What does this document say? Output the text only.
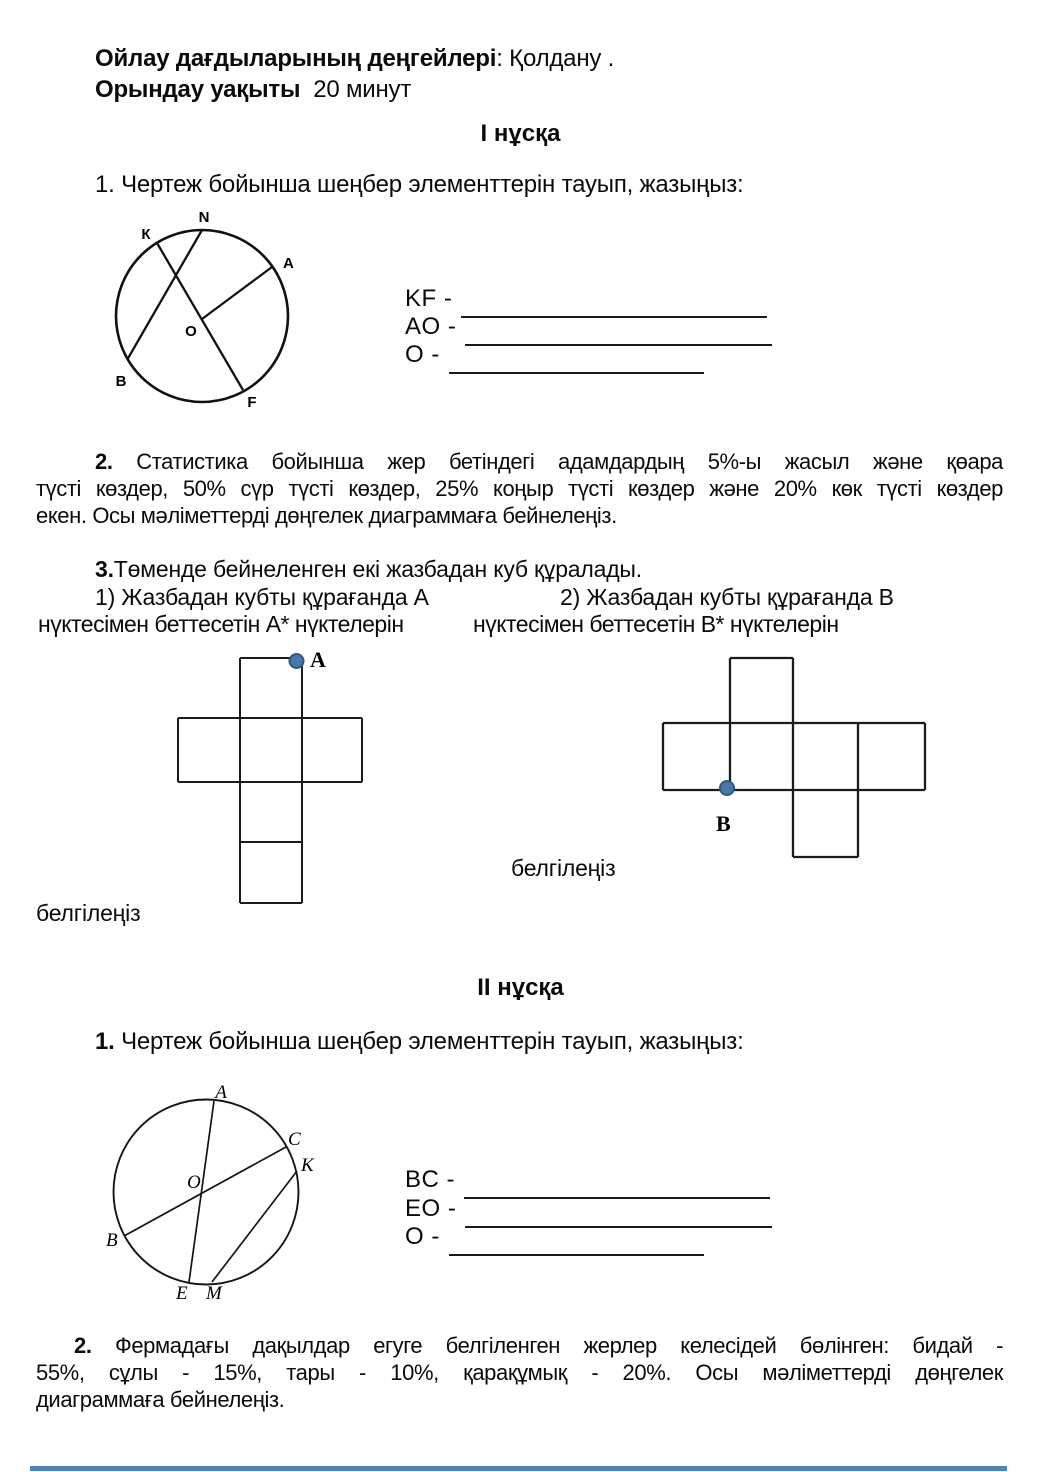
Ойлау дағдыларының деңгейлері: Қолдану .
Орындау уақыты 20 минут
І нұсқа
1. Чертеж бойынша шеңбер элементтерін тауып, жазыңыз:
N
К
А
В
F
О
KF -
AO -
O -
2. Статистика бойынша жер бетіндегі адамдардың 5%-ы жасыл және қөара
түсті көздер, 50% сүр түсті көздер, 25% коңыр түсті көздер және 20% көк түсті көздер
екен. Осы мәліметтерді дөңгелек диаграммаға бейнелеңіз.
3.Төменде бейнеленген екі жазбадан куб құралады.
1) Жазбадан кубты құрағанда А	2) Жазбадан кубты құрағанда В
нүктесімен беттесетін А* нүктелерін	нүктесімен беттесетін В* нүктелерін
A
B
белгілеңіз
белгілеңіз
ІІ нұсқа
1. Чертеж бойынша шеңбер элементтерін тауып, жазыңыз:
A
C
K
B
E M
O	BC -
EO -
O -
2. Фермадағы дақылдар егуге белгіленген жерлер келесідей бөлінген: бидай -
55%, сұлы - 15%, тары - 10%, қарақұмық - 20%. Осы мәліметтерді дөңгелек
диаграммаға бейнелеңіз.
